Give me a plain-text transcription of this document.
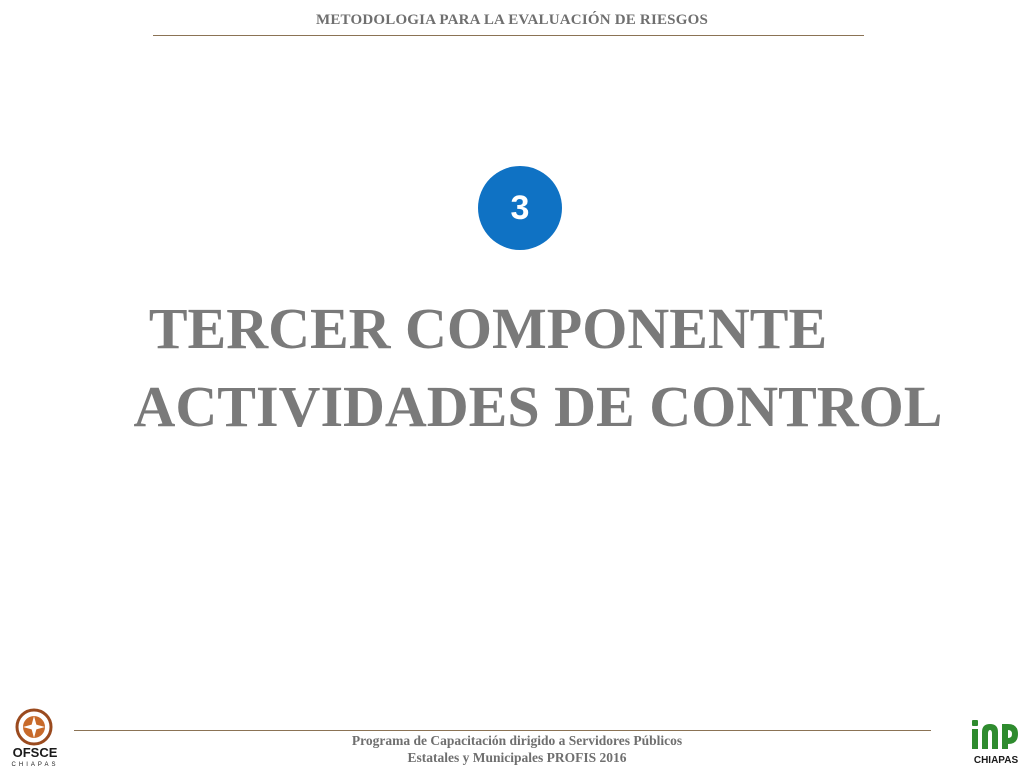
METODOLOGIA PARA LA EVALUACIÓN DE RIESGOS
3
TERCER COMPONENTE
ACTIVIDADES DE CONTROL
Programa de Capacitación dirigido a Servidores Públicos
Estatales y Municipales PROFIS 2016
OFSCE
CHIAPAS	CHIAPAS
